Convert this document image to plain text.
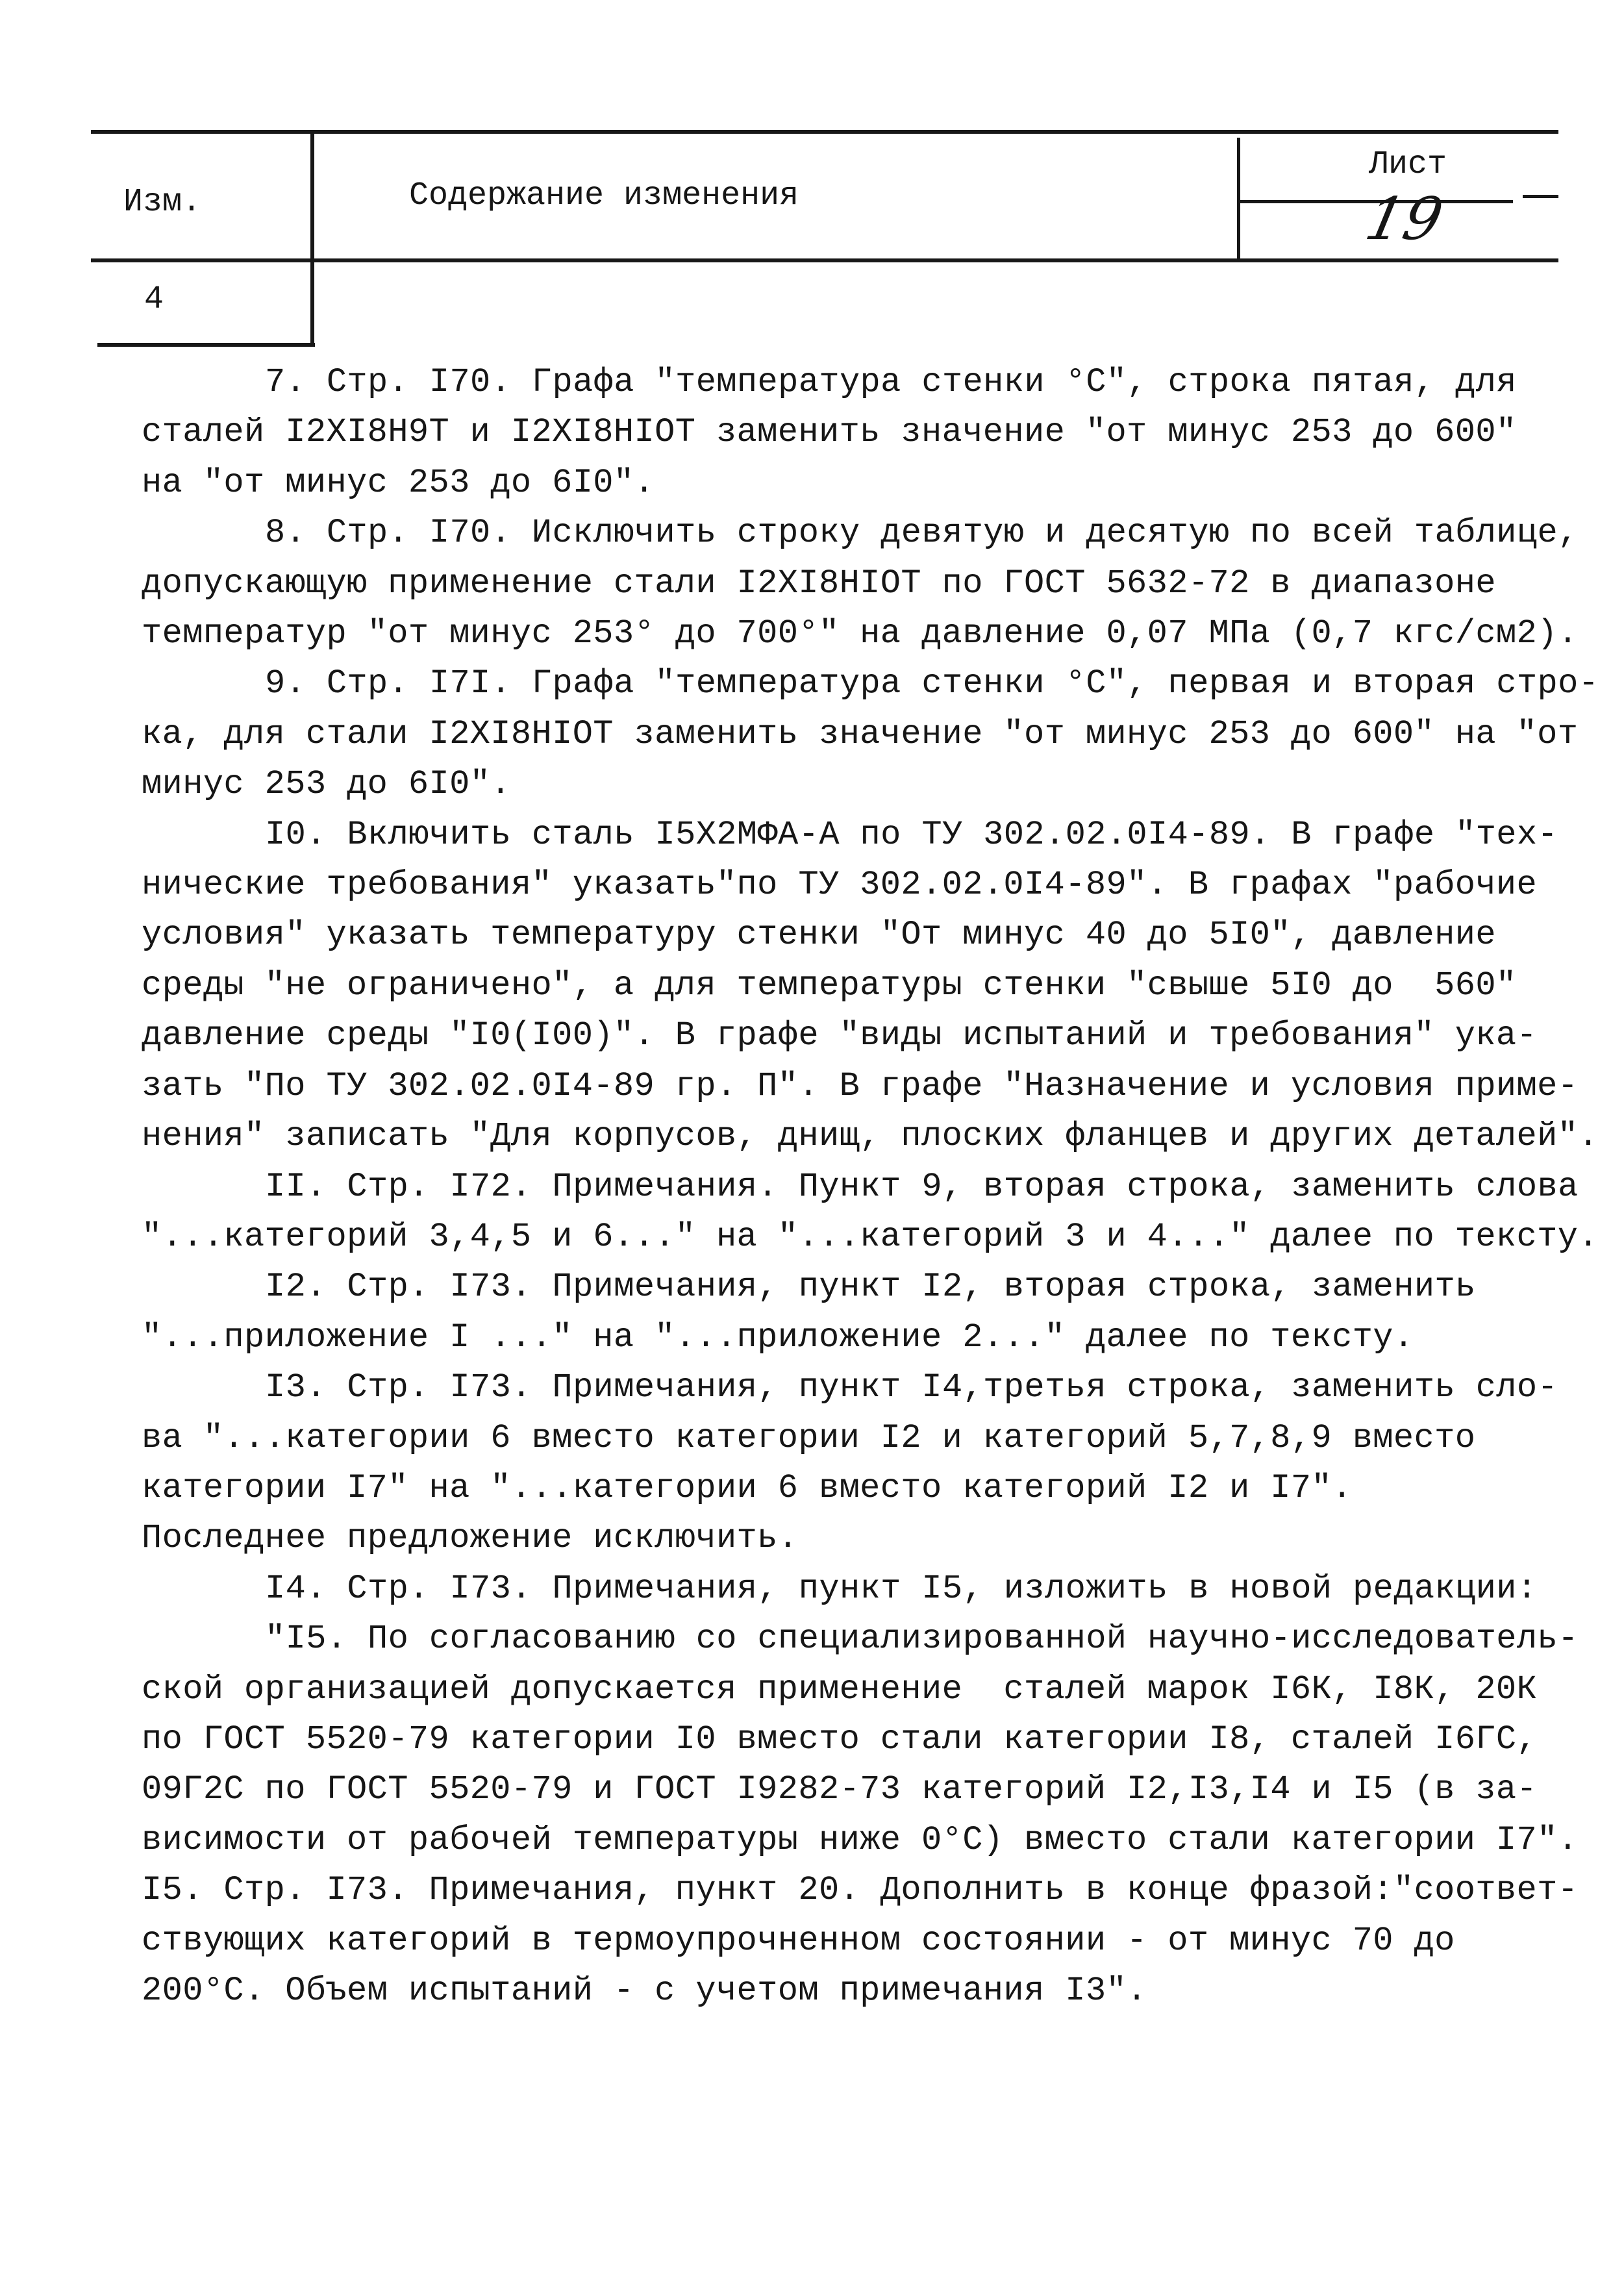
Изм.	Содержание изменения
Лист
19
4
7. Стр. I70. Графа "температура стенки °С", строка пятая, для
сталей I2XI8H9T и I2XI8HIOT заменить значение "от минус 253 до 600"
на "от минус 253 до 6I0".
8. Стр. I70. Исключить строку девятую и десятую по всей таблице,
допускающую применение стали I2XI8HIOT по ГОСТ 5632-72 в диапазоне
температур "от минус 253° до 700°" на давление 0,07 МПа (0,7 кгс/см2).
9. Стр. I7I. Графа "температура стенки °С", первая и вторая стро-
ка, для стали I2XI8HIOT заменить значение "от минус 253 до 600" на "от
минус 253 до 6I0".
I0. Включить сталь I5X2МФА-А по ТУ 302.02.0I4-89. В графе "тех-
нические требования" указать"по ТУ 302.02.0I4-89". В графах "рабочие
условия" указать температуру стенки "От минус 40 до 5I0", давление
среды "не ограничено", а для температуры стенки "свыше 5I0 до  560"
давление среды "I0(I00)". В графе "виды испытаний и требования" ука-
зать "По ТУ 302.02.0I4-89 гр. П". В графе "Назначение и условия приме-
нения" записать "Для корпусов, днищ, плоских фланцев и других деталей".
II. Стр. I72. Примечания. Пункт 9, вторая строка, заменить слова
"...категорий 3,4,5 и 6..." на "...категорий 3 и 4..." далее по тексту.
I2. Стр. I73. Примечания, пункт I2, вторая строка, заменить
"...приложение I ..." на "...приложение 2..." далее по тексту.
I3. Стр. I73. Примечания, пункт I4,третья строка, заменить сло-
ва "...категории 6 вместо категории I2 и категорий 5,7,8,9 вместо
категории I7" на "...категории 6 вместо категорий I2 и I7".
Последнее предложение исключить.
I4. Стр. I73. Примечания, пункт I5, изложить в новой редакции:
"I5. По согласованию со специализированной научно-исследователь-
ской организацией допускается применение  сталей марок I6К, I8К, 20К
по ГОСТ 5520-79 категории I0 вместо стали категории I8, сталей I6ГС,
09Г2С по ГОСТ 5520-79 и ГОСТ I9282-73 категорий I2,I3,I4 и I5 (в за-
висимости от рабочей температуры ниже 0°С) вместо стали категории I7".
I5. Стр. I73. Примечания, пункт 20. Дополнить в конце фразой:"соответ-
ствующих категорий в термоупрочненном состоянии - от минус 70 до
200°С. Объем испытаний - с учетом примечания I3".
